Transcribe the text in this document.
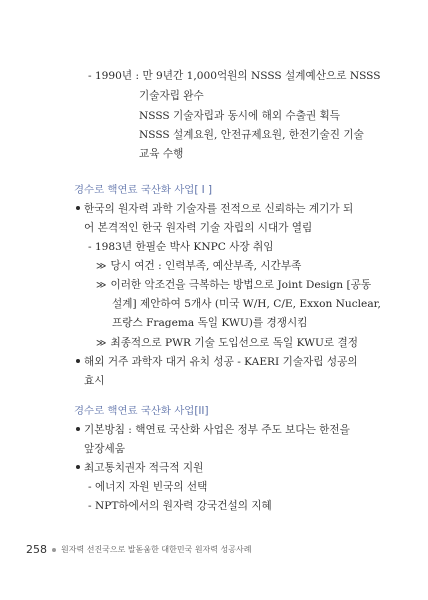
- 1990년 : 만 9년간 1,000억원의 NSSS 설계예산으로 NSSS
기술자립 완수
NSSS 기술자립과 동시에 해외 수출권 획득
NSSS 설계요원, 안전규제요원, 한전기술진 기술
교육 수행
경수로 핵연료 국산화 사업[ I ]
한국의 원자력 과학 기술자를 전적으로 신뢰하는 계기가 되
어 본격적인 한국 원자력 기술 자립의 시대가 열림
- 1983년 한필순 박사 KNPC 사장 취임
≫ 당시 여건 : 인력부족, 예산부족, 시간부족
≫ 이러한 악조건을 극복하는 방법으로 Joint Design [공동
설계] 제안하여 5개사 (미국 W/H, C/E, Exxon Nuclear,
프랑스 Fragema 독일 KWU)를 경쟁시킴
≫ 최종적으로 PWR 기술 도입선으로 독일 KWU로 결정
해외 거주 과학자 대거 유치 성공 - KAERI 기술자립 성공의
효시
경수로 핵연료 국산화 사업[II]
기본방침 : 핵연료 국산화 사업은 정부 주도 보다는 한전을
앞장세움
최고통치권자 적극적 지원
- 에너지 자원 빈국의 선택
- NPT하에서의 원자력 강국건설의 지혜
258 원자력 선진국으로 발돋움한 대한민국 원자력 성공사례
